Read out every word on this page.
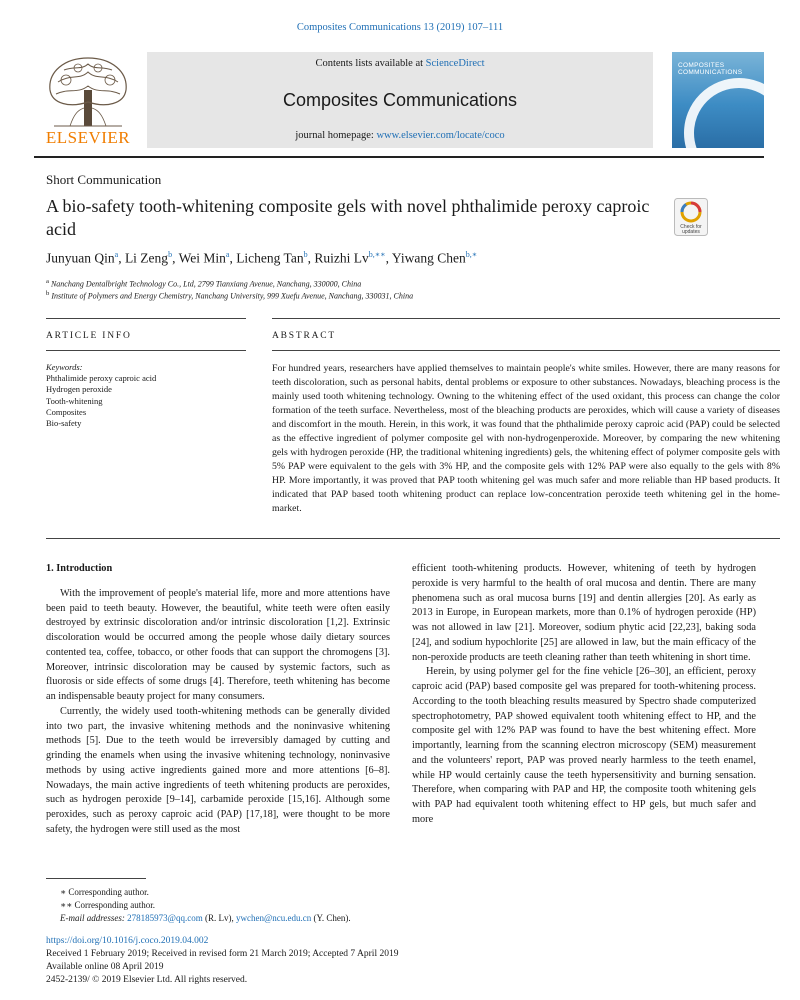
Composites Communications 13 (2019) 107–111
ELSEVIER
Contents lists available at ScienceDirect
Composites Communications
journal homepage: www.elsevier.com/locate/coco
COMPOSITES
COMMUNICATIONS
Short Communication
A bio-safety tooth-whitening composite gels with novel phthalimide peroxy caproic acid	Check for
updates
Junyuan Qin$^a$, Li Zeng$^b$, Wei Min$^a$, Licheng Tan$^b$, Ruizhi $Lv^{b,∗∗}$, Yiwang Chen$^{b,∗}$
$^a$ Nanchang Dentalbright Technology Co., Ltd, 2799 Tianxiang Avenue, Nanchang, 330000, China
$^b$ Institute of Polymers and Energy Chemistry, Nanchang University, 999 Xuefu Avenue, Nanchang, 330031, China
ARTICLE INFO	ABSTRACT
Keywords:
Phthalimide peroxy caproic acid
Hydrogen peroxide
Tooth-whitening
Composites
Bio-safety
For hundred years, researchers have applied themselves to maintain people's white smiles. However, there are many reasons for teeth discoloration, such as personal habits, dental problems or exposure to other substances. Nowadays, bleaching process is the mainly used tooth whitening technology. Owning to the whitening effect of the used oxidant, this process can change the color formation of the teeth surface. Nevertheless, most of the bleaching products are peroxides, which will cause a variety of diseases and discomfort in the mouth. Herein, in this work, it was found that the phthalimide peroxy caproic acid (PAP) could be selected as the effective ingredient of polymer composite gel with non-hydrogenperoxide. Moreover, by comparing the new whitening gels with hydrogen peroxide (HP, the traditional whitening ingredients) gels, the whitening effect of polymer composite gels with 5% PAP were equivalent to the gels with 3% HP, and the composite gels with 12% PAP were also equally to the gels with 8% HP. More importantly, it was proved that PAP tooth whitening gel was much safer and more reliable than HP based products. It indicated that PAP based tooth whitening product can replace low-concentration peroxide teeth whitening gel in the home-market.
1. Introduction

With the improvement of people's material life, more and more attentions have been paid to teeth beauty. However, the beautiful, white teeth were often easily destroyed by extrinsic discoloration and/or intrinsic discoloration [1,2]. Extrinsic discoloration would be occurred among the people whose daily dietary sources contented tea, coffee, tobacco, or other foods that can support the chromogens [3]. Moreover, intrinsic discoloration may be caused by systemic factors, such as fluorosis or side effects of some drugs [4]. Therefore, teeth whitening has become an indispensable beauty project for many consumers.

Currently, the widely used tooth-whitening methods can be generally divided into two part, the invasive whitening methods and the noninvasive whitening methods [5]. Due to the teeth would be irreversibly damaged by cutting and grinding the enamels when using the invasive whitening technology, noninvasive methods by using active ingredients gained more and more attentions [6–8]. Nowadays, the main active ingredients of teeth whitening products are peroxides, such as hydrogen peroxide [9–14], carbamide peroxide [15,16]. Although some peroxides, such as peroxy caproic acid (PAP) [17,18], were thought to be more safety, the hydrogen were still used as the most

efficient tooth-whitening products. However, whitening of teeth by hydrogen peroxide is very harmful to the health of oral mucosa and dentin. There are many phenomena such as oral mucosa burns [19] and dentin allergies [20]. As early as 2013 in Europe, in European markets, more than 0.1% of hydrogen peroxide (HP) was not allowed in law [21]. Moreover, sodium phytic acid [22,23], baking soda [24], and sodium hypochlorite [25] are allowed in law, but the main efficacy of the non-peroxide products are teeth cleaning rather than teeth whitening in short time.

Herein, by using polymer gel for the fine vehicle [26–30], an efficient, peroxy caproic acid (PAP) based composite gel was prepared for tooth-whitening process. According to the tooth bleaching results measured by Spectro shade computerized spectrophotometry, PAP showed equivalent tooth whitening effect to HP, and the composite gel with 12% PAP was found to have the best whitening effect. More importantly, learning from the scanning electron microscopy (SEM) measurement and the volunteers' report, PAP was proved nearly harmless to the teeth enamel, while HP would certainly cause the teeth hypersensitivity and burning sensation. Therefore, when comparing with PAP and HP, the composite tooth whitening gels with PAP had equivalent tooth whitening effect to HP gels, but much safer and more

∗ Corresponding author.
∗∗ Corresponding author.
E-mail addresses: 278185973@qq.com (R. Lv), ywchen@ncu.edu.cn (Y. Chen).
https://doi.org/10.1016/j.coco.2019.04.002
Received 1 February 2019; Received in revised form 21 March 2019; Accepted 7 April 2019
Available online 08 April 2019
2452-2139/ © 2019 Elsevier Ltd. All rights reserved.
